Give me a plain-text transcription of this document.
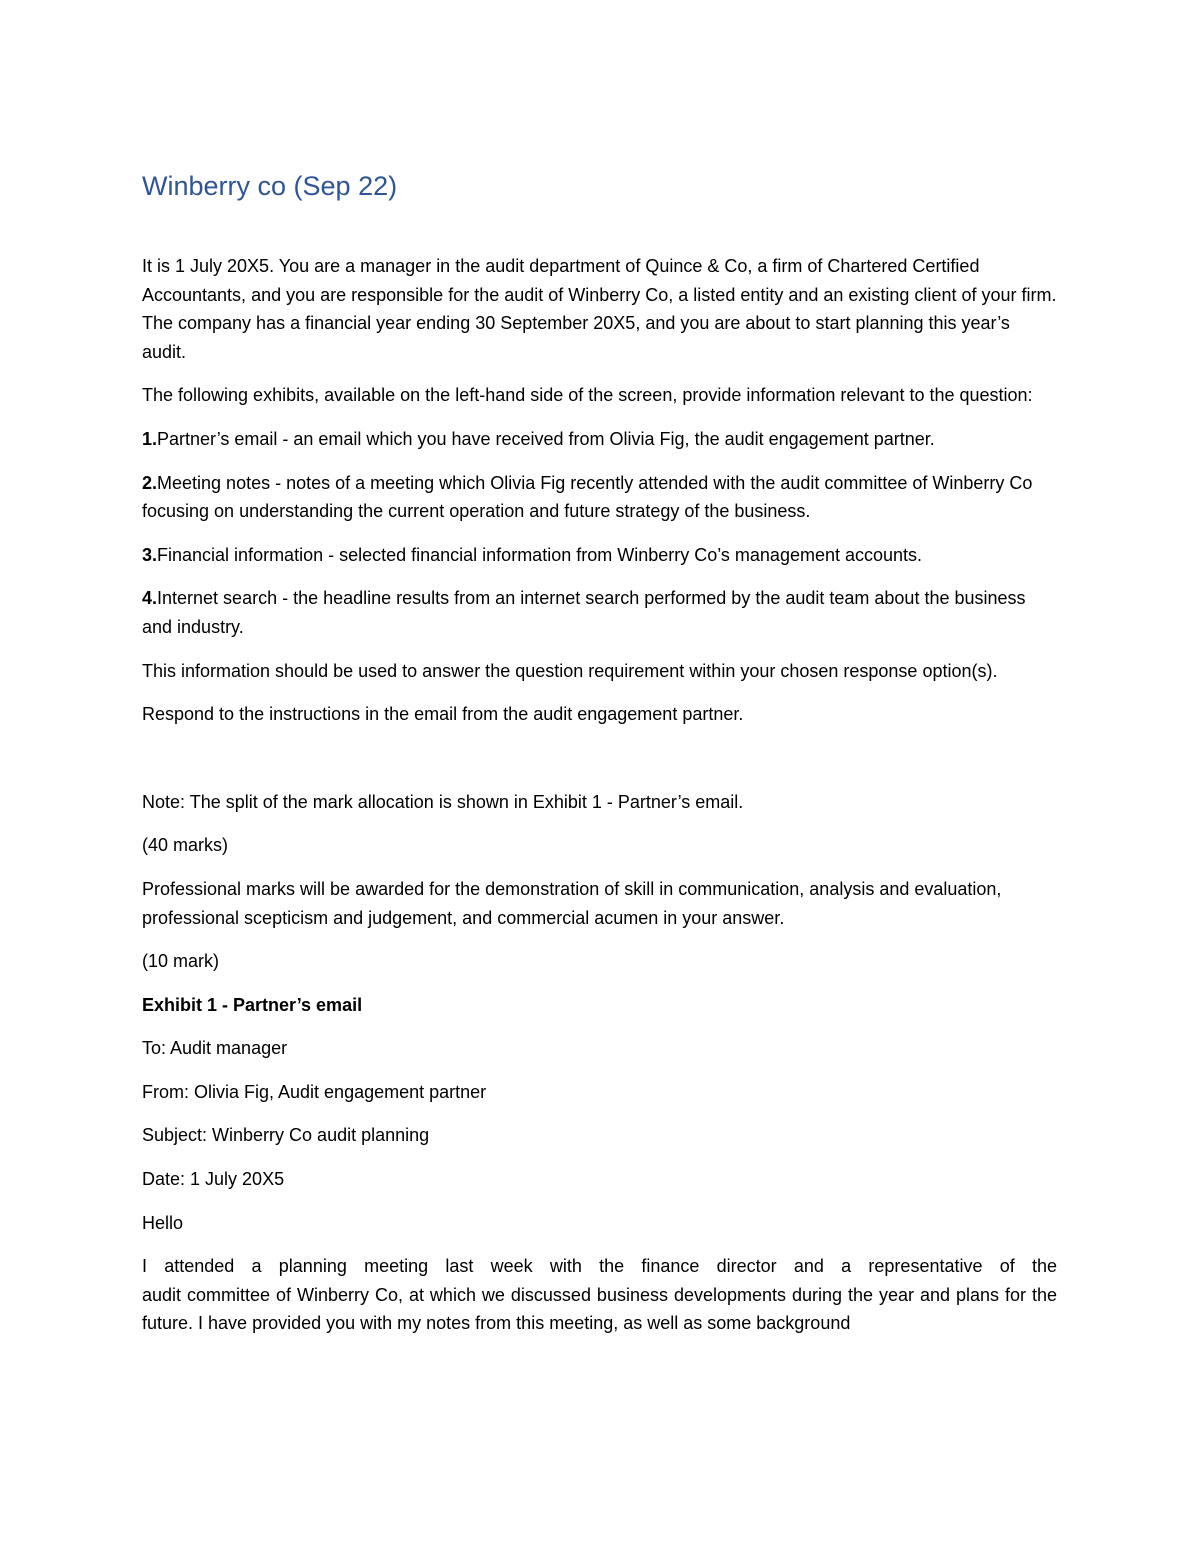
Winberry co (Sep 22)

It is 1 July 20X5. You are a manager in the audit department of Quince & Co, a firm of Chartered Certified Accountants, and you are responsible for the audit of Winberry Co, a listed entity and an existing client of your firm. The company has a financial year ending 30 September 20X5, and you are about to start planning this year’s audit.

The following exhibits, available on the left-hand side of the screen, provide information relevant to the question:

1.Partner’s email - an email which you have received from Olivia Fig, the audit engagement partner.

2.Meeting notes - notes of a meeting which Olivia Fig recently attended with the audit committee of Winberry Co focusing on understanding the current operation and future strategy of the business.

3.Financial information - selected financial information from Winberry Co’s management accounts.

4.Internet search - the headline results from an internet search performed by the audit team about the business and industry.

This information should be used to answer the question requirement within your chosen response option(s).

Respond to the instructions in the email from the audit engagement partner.

Note: The split of the mark allocation is shown in Exhibit 1 - Partner’s email.

(40 marks)

Professional marks will be awarded for the demonstration of skill in communication, analysis and evaluation, professional scepticism and judgement, and commercial acumen in your answer.

(10 mark)

Exhibit 1 - Partner’s email

To: Audit manager

From: Olivia Fig, Audit engagement partner

Subject: Winberry Co audit planning

Date: 1 July 20X5

Hello

I attended a planning meeting last week with the finance director and a representative of the
audit committee of Winberry Co, at which we discussed business developments during the year and plans for the future. I have provided you with my notes from this meeting, as well as some background
